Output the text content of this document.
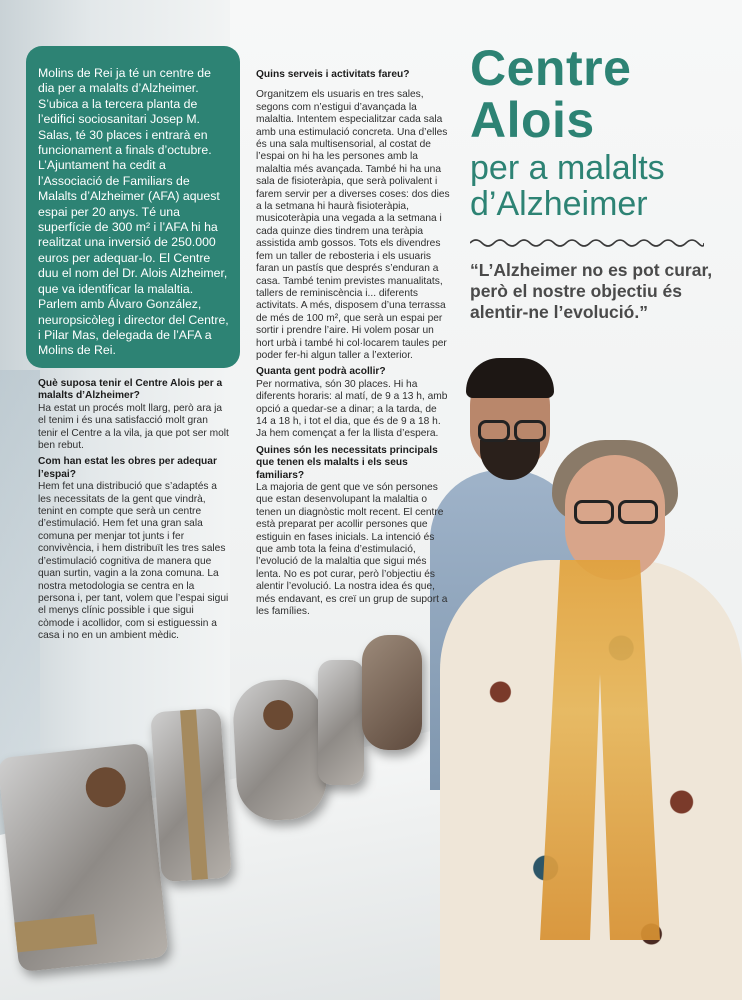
Centre
Alois
per a malalts
d’Alzheimer
“L’Alzheimer no es pot curar, però el nostre objectiu és alentir-ne l’evolució.”
Molins de Rei ja té un centre de dia per a malalts d’Alzheimer. S’ubica a la tercera planta de l’edifici sociosanitari Josep M. Salas, té 30 places i entrarà en funcionament a finals d’octubre. L’Ajuntament ha cedit a l’Associació de Familiars de Malalts d’Alzheimer (AFA) aquest espai per 20 anys. Té una superfície de 300 m² i l’AFA hi ha realitzat una inversió de 250.000 euros per adequar-lo. El Centre duu el nom del Dr. Alois Alzheimer, que va identificar la malaltia. Parlem amb Álvaro González, neuropsicòleg i director del Centre, i Pilar Mas, delegada de l’AFA a Molins de Rei.

Què suposa tenir el Centre Alois per a malalts d’Alzheimer?

Ha estat un procés molt llarg, però ara ja el tenim i és una satisfacció molt gran tenir el Centre a la vila, ja que pot ser molt ben rebut.

Com han estat les obres per adequar l’espai?

Hem fet una distribució que s’adaptés a les necessitats de la gent que vindrà, tenint en compte que serà un centre d’estimulació. Hem fet una gran sala comuna per menjar tot junts i fer convivència, i hem distribuït les tres sales d’estimulació cognitiva de manera que quan surtin, vagin a la zona comuna. La nostra metodologia se centra en la persona i, per tant, volem que l’espai sigui el menys clínic possible i que sigui còmode i acollidor, com si estiguessin a casa i no en un ambient mèdic.

Quins serveis i activitats fareu?

Organitzem els usuaris en tres sales, segons com n’estigui d’avançada la malaltia. Intentem especialitzar cada sala amb una estimulació concreta. Una d’elles és una sala multisensorial, al costat de l’espai on hi ha les persones amb la malaltia més avançada. També hi ha una sala de fisioteràpia, que serà polivalent i farem servir per a diverses coses: dos dies a la setmana hi haurà fisioteràpia, musicoteràpia una vegada a la setmana i cada quinze dies tindrem una teràpia assistida amb gossos. Tots els divendres fem un taller de rebosteria i els usuaris faran un pastís que després s’enduran a casa. També tenim previstes manualitats, tallers de reminiscència i... diferents activitats. A més, disposem d’una terrassa de més de 100 m², que serà un espai per sortir i prendre l’aire. Hi volem posar un hort urbà i també hi col·locarem taules per poder fer-hi algun taller a l’exterior.

Quanta gent podrà acollir?

Per normativa, són 30 places. Hi ha diferents horaris: al matí, de 9 a 13 h, amb opció a quedar-se a dinar; a la tarda, de 14 a 18 h, i tot el dia, que és de 9 a 18 h. Ja hem començat a fer la llista d’espera.

Quines són les necessitats principals que tenen els malalts i els seus familiars?

La majoria de gent que ve són persones que estan desenvolupant la malaltia o tenen un diagnòstic molt recent. El centre està preparat per acollir persones que estiguin en fases inicials. La intenció és que amb tota la feina d’estimulació, l’evolució de la malaltia que sigui més lenta. No es pot curar, però l’objectiu és alentir l’evolució. La nostra idea és que, més endavant, es creï un grup de suport a les famílies.
